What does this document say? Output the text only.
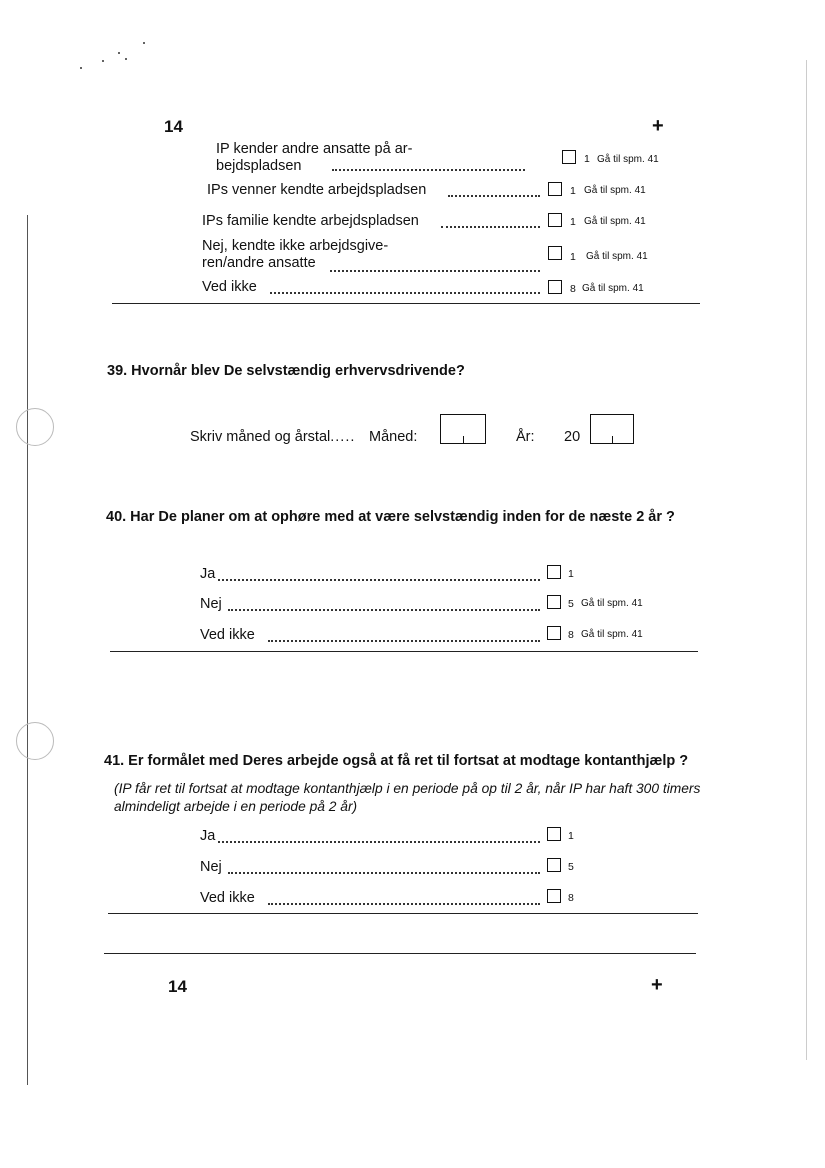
14	+
IP kender andre ansatte på ar-
bejdspladsen	1 Gå til spm. 41
IPs venner kendte arbejdspladsen	1 Gå til spm. 41
IPs familie kendte arbejdspladsen	1 Gå til spm. 41
Nej, kendte ikke arbejdsgive-
ren/andre ansatte	1 Gå til spm. 41
Ved ikke	8 Gå til spm. 41
39. Hvornår blev De selvstændig erhvervsdrivende?
Skriv måned og årstal..... Måned:	År: 20
40. Har De planer om at ophøre med at være selvstændig inden for de næste 2 år ?
Ja	1
Nej	5 Gå til spm. 41
Ved ikke	8 Gå til spm. 41
41. Er formålet med Deres arbejde også at få ret til fortsat at modtage kontanthjælp ?
(IP får ret til fortsat at modtage kontanthjælp i en periode på op til 2 år, når IP har haft 300 timers almindeligt arbejde i en periode på 2 år)
Ja	1
Nej	5
Ved ikke	8
14	+
